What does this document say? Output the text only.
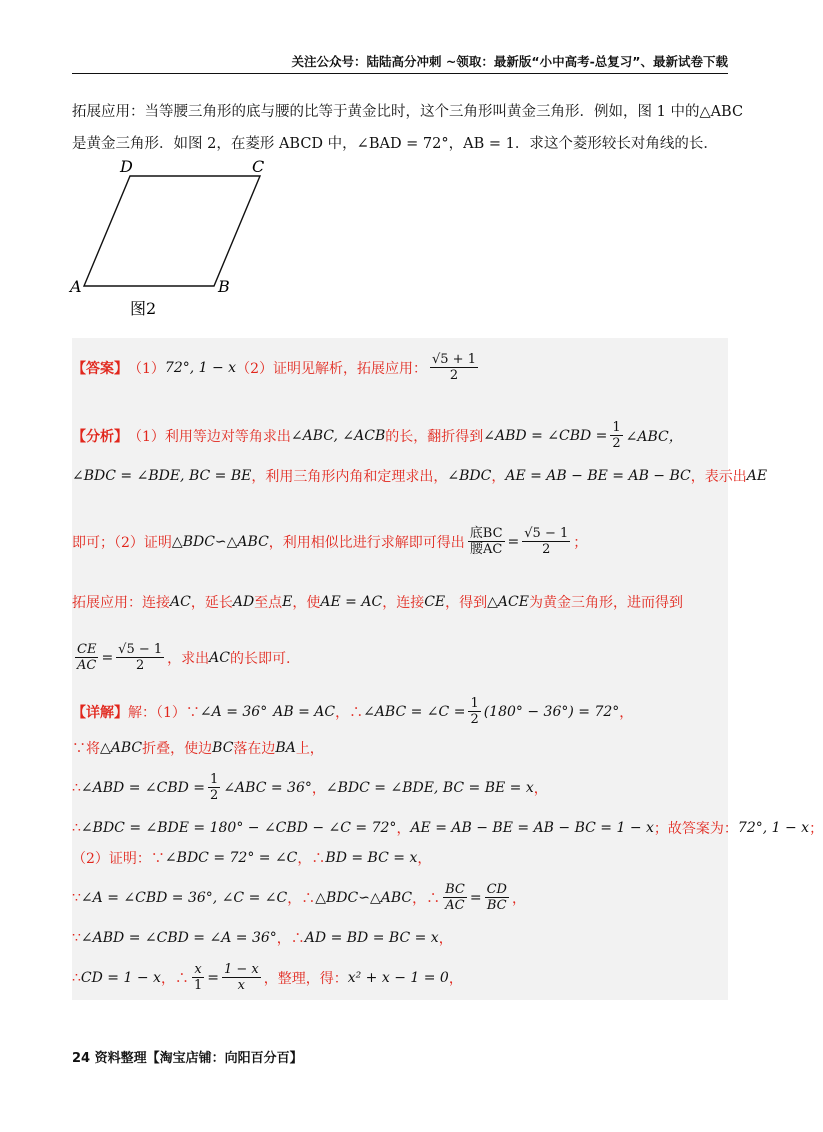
关注公众号：陆陆高分冲刺 ~领取：最新版“小中高考-总复习”、最新试卷下载

拓展应用：当等腰三角形的底与腰的比等于黄金比时，这个三角形叫黄金三角形．例如，图 1 中的△ABC

是黄金三角形．如图 2，在菱形 ABCD 中，∠BAD = 72°，AB = 1．求这个菱形较长对角线的长．

D	C
A	B
图2
【答案】 （1） 72°, 1 − x （2）证明见解析，拓展应用： $\frac{√5 + 1}{2}$
【分析】 （1）利用等边对等角求出 ∠ABC, ∠ACB 的长，翻折得到 ∠ABD = ∠CBD = $\frac{1}{2}$ ∠ABC，
∠BDC = ∠BDE, BC = BE ，利用三角形内角和定理求出， ∠BDC ， AE = AB − BE = AB − BC ，表示出 AE
即可；（2）证明 △BDC∽△ABC ，利用相似比进行求解即可得出 $\frac{\text{底BC}}{\text{腰AC}} = \frac{√5 - 1}{2}$ ；
拓展应用：连接 AC ，延长 AD 至点 E ，使 AE = AC ，连接 CE ，得到 △ACE 为黄金三角形，进而得到
$\frac{CE}{AC} = \frac{√5 - 1}{2}$ ，求出 AC 的长即可.
【详解】 解：（1）∵ ∠A = 36° AB = AC ，∴ ∠ABC = ∠C = $\frac{1}{2} (180^\circ - 36^\circ) = 72^\circ$ ，
∵将 △ABC 折叠，使边 BC 落在边 BA 上，
∴ ∠ABD = ∠CBD = $\frac{1}{2}$ ∠ABC = 36° ， ∠BDC = ∠BDE, BC = BE = x ，
∴ ∠BDC = ∠BDE = 180° − ∠CBD − ∠C = 72° ， AE = AB − BE = AB − BC = 1 − x ；故答案为： 72°, 1 − x ；
（2）证明：∵ ∠BDC = 72° = ∠C ，∴ BD = BC = x ，
∵ ∠A = ∠CBD = 36°, ∠C = ∠C ，∴ △BDC∽△ABC ，∴ $\frac{BC}{AC} = \frac{CD}{BC}$ ，
∵ ∠ABD = ∠CBD = ∠A = 36° ，∴ AD = BD = BC = x ，
∴ CD = 1 − x ，∴ $\frac{x}{1} = \frac{1 - x}{x}$ ，整理，得： x² + x − 1 = 0 ，
24 资料整理【淘宝店铺：向阳百分百】
